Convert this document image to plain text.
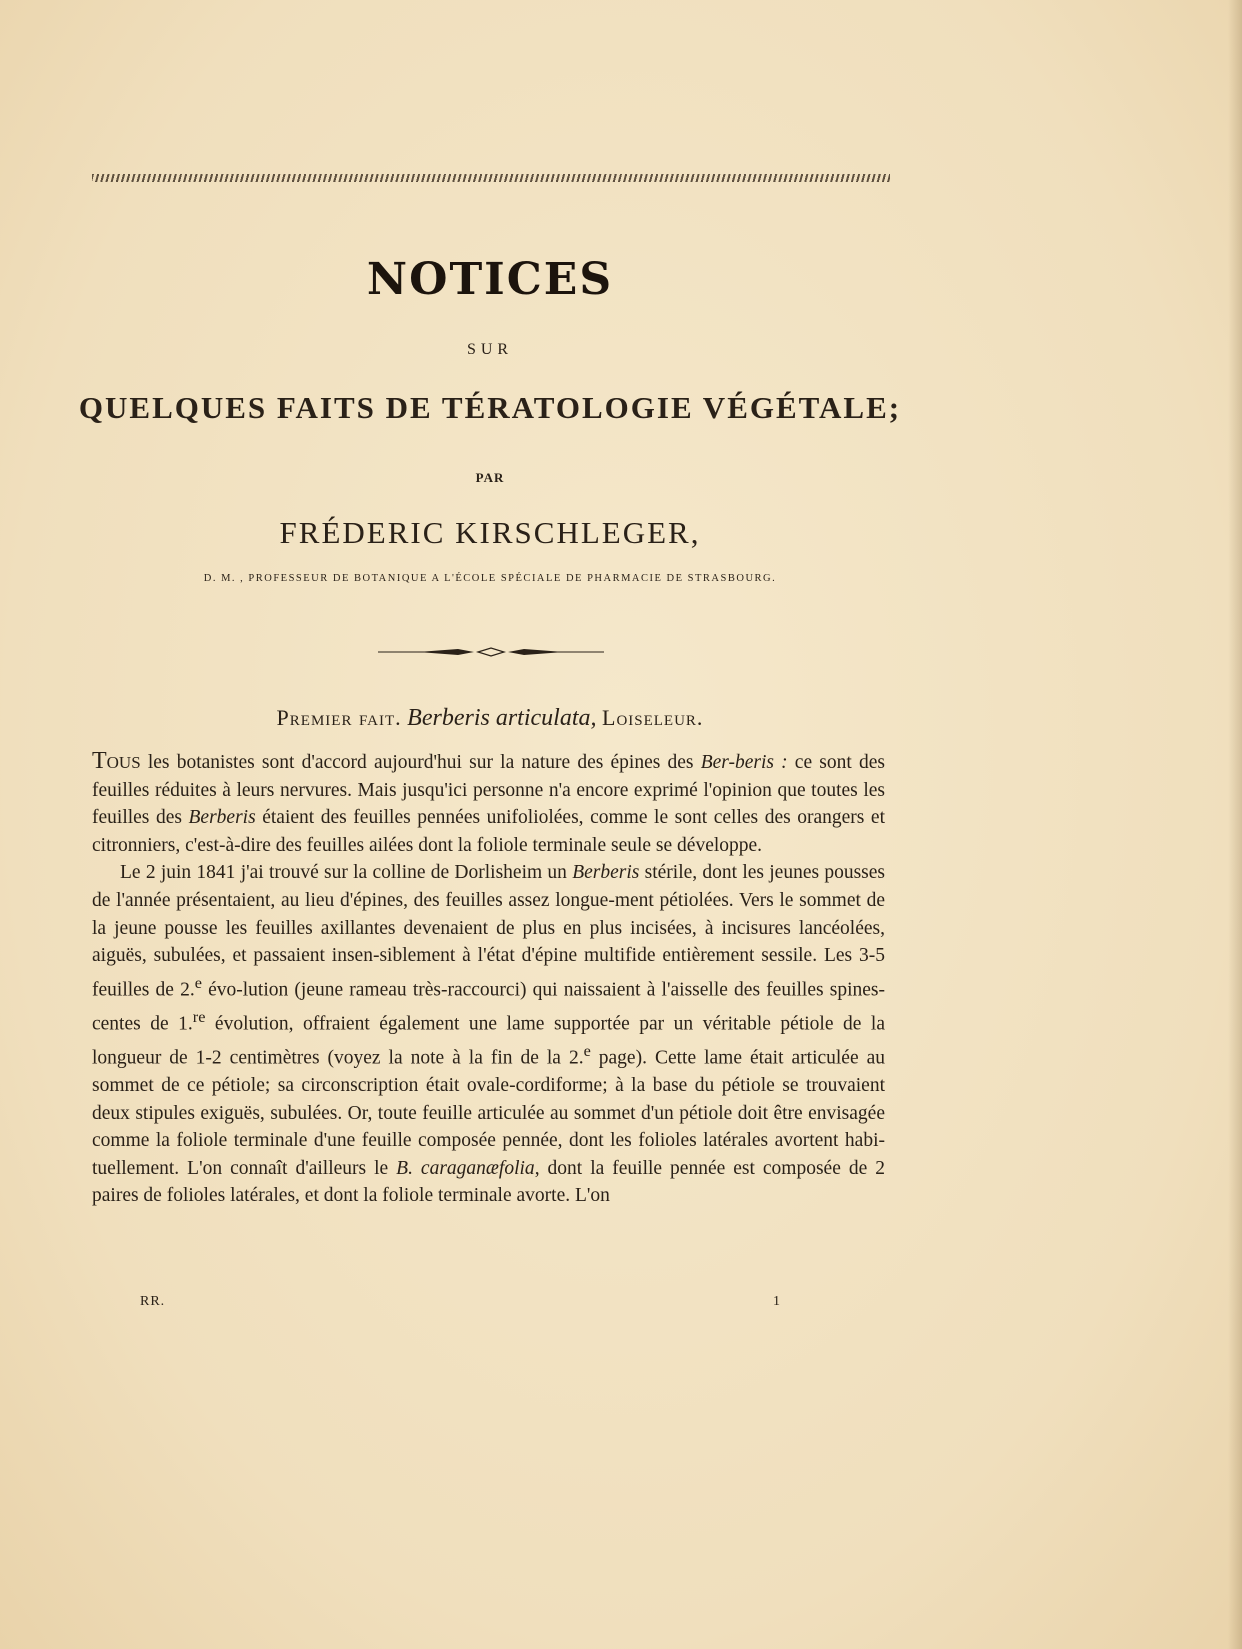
NOTICES
SUR
QUELQUES FAITS DE TÉRATOLOGIE VÉGÉTALE;
PAR
FRÉDERIC KIRSCHLEGER,
D. M. , PROFESSEUR DE BOTANIQUE A L'ÉCOLE SPÉCIALE DE PHARMACIE DE STRASBOURG.
Premier fait. Berberis articulata, Loiseleur.

Tous les botanistes sont d'accord aujourd'hui sur la nature des épines des Ber-beris : ce sont des feuilles réduites à leurs nervures. Mais jusqu'ici personne n'a encore exprimé l'opinion que toutes les feuilles des Berberis étaient des feuilles pennées unifoliolées, comme le sont celles des orangers et citronniers, c'est-à-dire des feuilles ailées dont la foliole terminale seule se développe.

Le 2 juin 1841 j'ai trouvé sur la colline de Dorlisheim un Berberis stérile, dont les jeunes pousses de l'année présentaient, au lieu d'épines, des feuilles assez longue-ment pétiolées. Vers le sommet de la jeune pousse les feuilles axillantes devenaient de plus en plus incisées, à incisures lancéolées, aiguës, subulées, et passaient insen-siblement à l'état d'épine multifide entièrement sessile. Les 3-5 feuilles de 2.$^e$ évo-lution (jeune rameau très-raccourci) qui naissaient à l'aisselle des feuilles spines-centes de 1.$^{re}$ évolution, offraient également une lame supportée par un véritable pétiole de la longueur de 1-2 centimètres (voyez la note à la fin de la 2.$^e$ page). Cette lame était articulée au sommet de ce pétiole; sa circonscription était ovale-cordiforme; à la base du pétiole se trouvaient deux stipules exiguës, subulées. Or, toute feuille articulée au sommet d'un pétiole doit être envisagée comme la foliole terminale d'une feuille composée pennée, dont les folioles latérales avortent habi-tuellement. L'on connaît d'ailleurs le B. caraganæfolia, dont la feuille pennée est composée de 2 paires de folioles latérales, et dont la foliole terminale avorte. L'on

RR.	1
